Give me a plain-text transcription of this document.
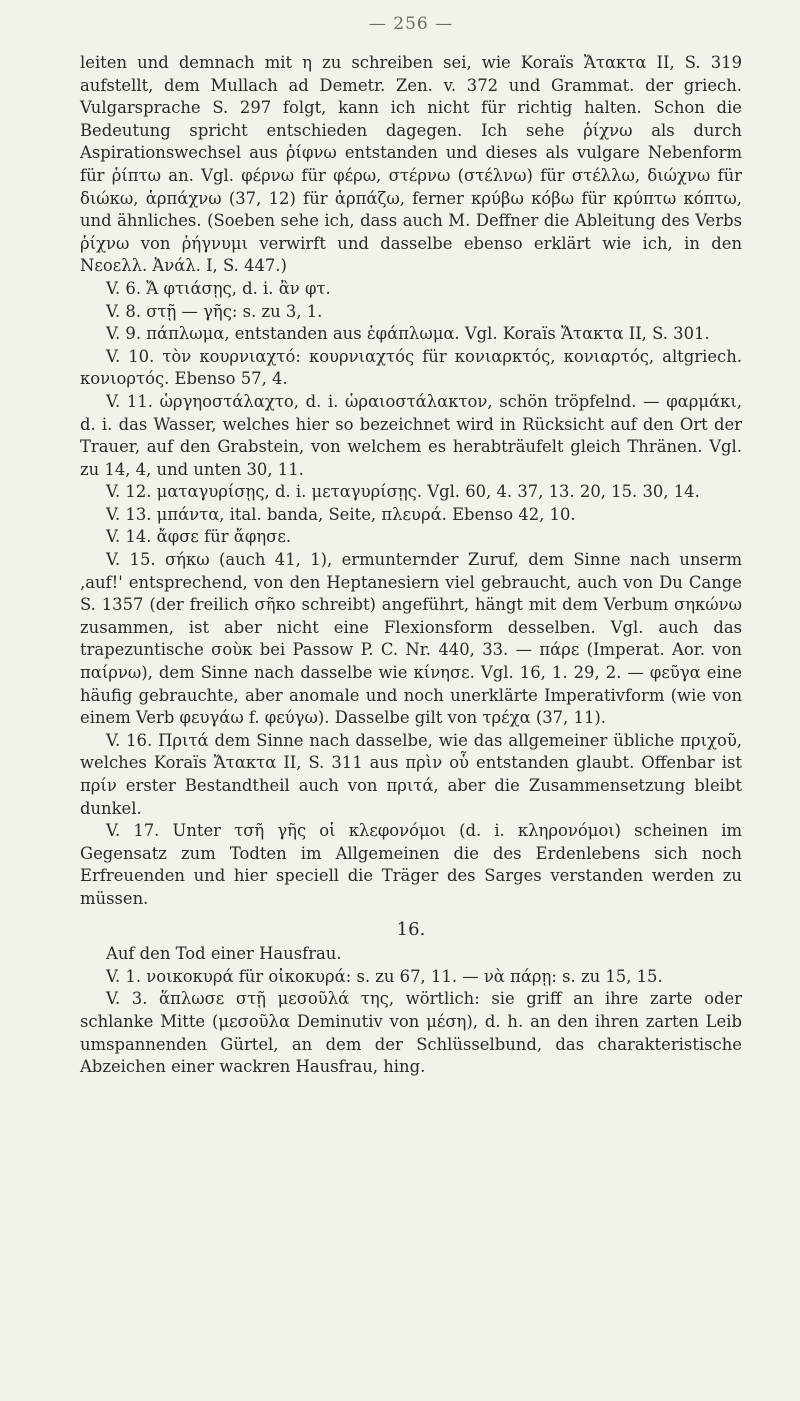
— 256 —

leiten und demnach mit η zu schreiben sei, wie Koraïs Ἄτακτα II, S. 319 aufstellt, dem Mullach ad Demetr. Zen. v. 372 und Grammat. der griech. Vulgarsprache S. 297 folgt, kann ich nicht für richtig halten. Schon die Bedeutung spricht entschieden dagegen. Ich sehe ῥίχνω als durch Aspirationswechsel aus ῥίφνω entstanden und dieses als vulgare Nebenform für ῥίπτω an. Vgl. φέρνω für φέρω, στέρνω (στέλνω) für στέλλω, διώχνω für διώκω, ἁρπάχνω (37, 12) für ἁρπάζω, ferner κρύβω κόβω für κρύπτω κόπτω, und ähnliches. (Soeben sehe ich, dass auch M. Deffner die Ableitung des Verbs ῥίχνω von ῥήγνυμι verwirft und dasselbe ebenso erklärt wie ich, in den Νεοελλ. Ἀνάλ. I, S. 447.)

V. 6. Ἄ φτιάσῃς, d. i. ἂν φτ.

V. 8. στῇ — γῆς: s. zu 3, 1.

V. 9. πάπλωμα, entstanden aus ἐφάπλωμα. Vgl. Koraïs Ἄτακτα II, S. 301.

V. 10. τὸν κουρνιαχτό: κουρνιαχτός für κονιαρκτός, κονιαρτός, altgriech. κονιορτός. Ebenso 57, 4.

V. 11. ὡργηοστάλαχτο, d. i. ὡραιοστάλακτον, schön tröpfelnd. — φαρμάκι, d. i. das Wasser, welches hier so bezeichnet wird in Rücksicht auf den Ort der Trauer, auf den Grabstein, von welchem es herabträufelt gleich Thränen. Vgl. zu 14, 4, und unten 30, 11.

V. 12. ματαγυρίσῃς, d. i. μεταγυρίσῃς. Vgl. 60, 4. 37, 13. 20, 15. 30, 14.

V. 13. μπάντα, ital. banda, Seite, πλευρά. Ebenso 42, 10.

V. 14. ἄφσε für ἄφησε.

V. 15. σήκω (auch 41, 1), ermunternder Zuruf, dem Sinne nach unserm ‚auf!' entsprechend, von den Heptanesiern viel gebraucht, auch von Du Cange S. 1357 (der freilich σῆκο schreibt) angeführt, hängt mit dem Verbum σηκώνω zusammen, ist aber nicht eine Flexionsform desselben. Vgl. auch das trapezuntische σοὺκ bei Passow P. C. Nr. 440, 33. — πάρε (Imperat. Aor. von παίρνω), dem Sinne nach dasselbe wie κίνησε. Vgl. 16, 1. 29, 2. — φεῦγα eine häufig gebrauchte, aber anomale und noch unerklärte Imperativform (wie von einem Verb φευγάω f. φεύγω). Dasselbe gilt von τρέχα (37, 11).

V. 16. Πριτά dem Sinne nach dasselbe, wie das allgemeiner übliche πριχοῦ, welches Koraïs Ἄτακτα II, S. 311 aus πρὶν οὗ entstanden glaubt. Offenbar ist πρίν erster Bestandtheil auch von πριτά, aber die Zusammensetzung bleibt dunkel.

V. 17. Unter τσῆ γῆς οἱ κλεφονόμοι (d. i. κληρονόμοι) scheinen im Gegensatz zum Todten im Allgemeinen die des Erdenlebens sich noch Erfreuenden und hier speciell die Träger des Sarges verstanden werden zu müssen.

16.

Auf den Tod einer Hausfrau.

V. 1. νοικοκυρά für οἰκοκυρά: s. zu 67, 11. — νὰ πάρῃ: s. zu 15, 15.

V. 3. ἅπλωσε στῇ μεσοῦλά της, wörtlich: sie griff an ihre zarte oder schlanke Mitte (μεσοῦλα Deminutiv von μέση), d. h. an den ihren zarten Leib umspannenden Gürtel, an dem der Schlüsselbund, das charakteristische Abzeichen einer wackren Hausfrau, hing.
